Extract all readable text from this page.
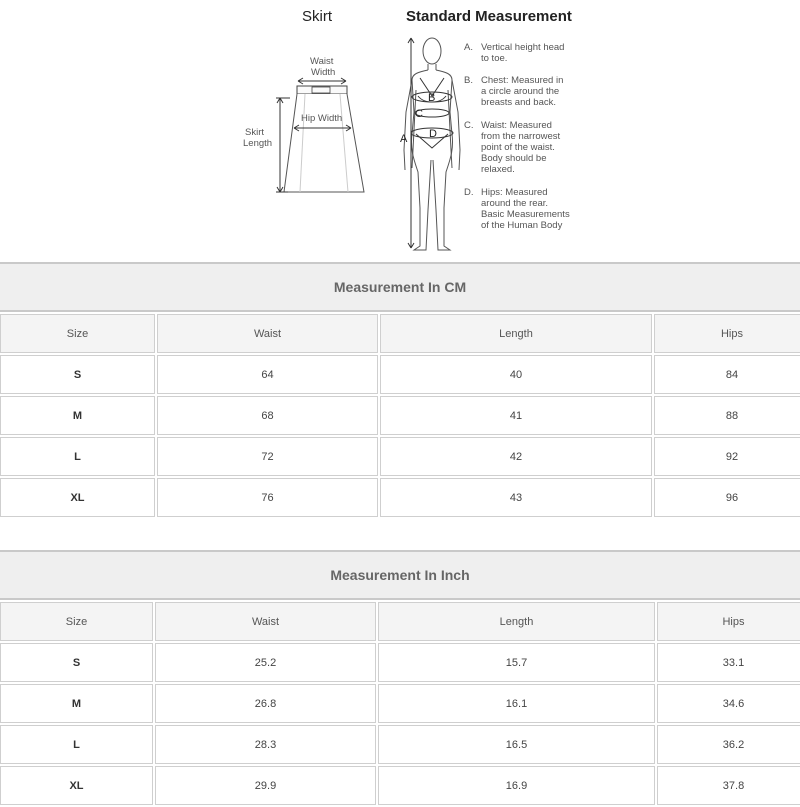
Skirt	Standard Measurement
Waist
Width
Hip Width
Skirt
Length
B
C
D
A
A. Vertical height head
to toe.
B. Chest: Measured in
a circle around the
breasts and back.
C. Waist: Measured
from the narrowest
point of the waist.
Body should be
relaxed.
D. Hips: Measured
around the rear.
Basic Measurements
of the Human Body
Measurement In CM
Size	Waist	Length	Hips
S	64	40	84
M	68	41	88
L	72	42	92
XL	76	43	96
Measurement In Inch
Size	Waist	Length	Hips
S	25.2	15.7	33.1
M	26.8	16.1	34.6
L	28.3	16.5	36.2
XL	29.9	16.9	37.8
